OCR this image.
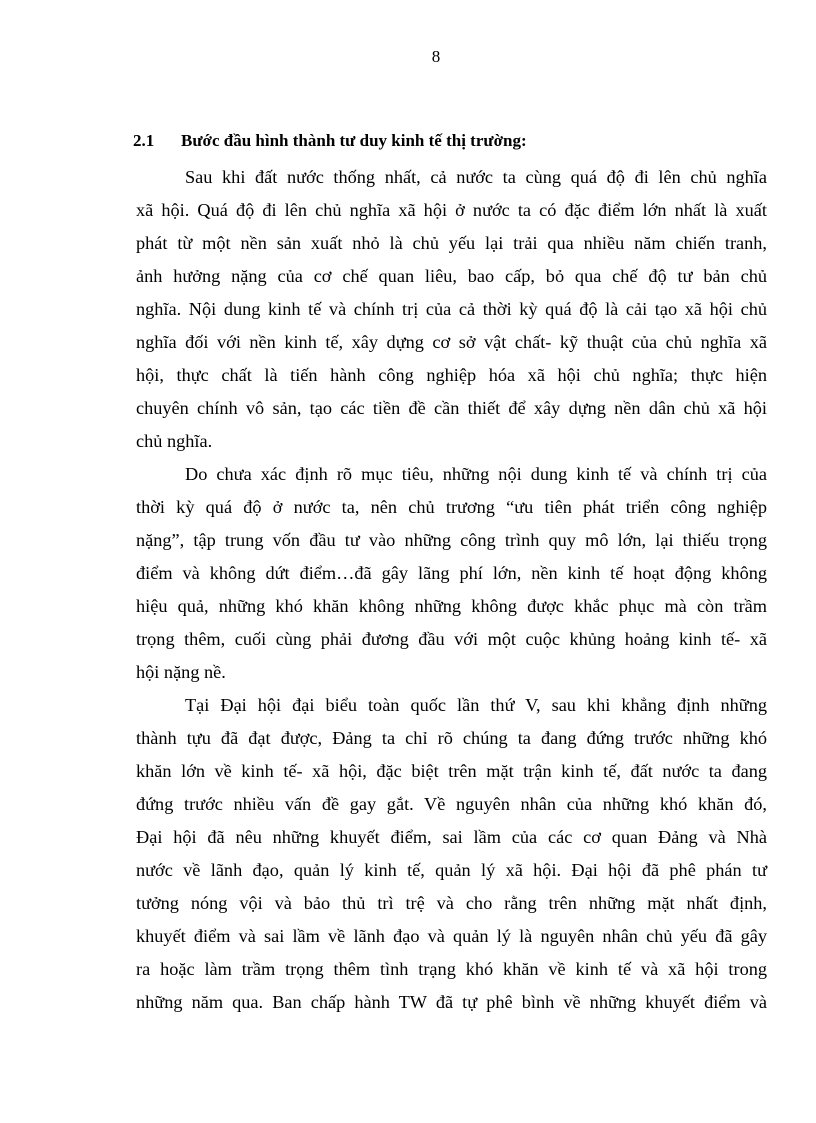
8
2.1 Bước đầu hình thành tư duy kinh tế thị trường:
Sau khi đất nước thống nhất, cả nước ta cùng quá độ đi lên chủ nghĩa
xã hội. Quá độ đi lên chủ nghĩa xã hội ở nước ta có đặc điểm lớn nhất là xuất
phát từ một nền sản xuất nhỏ là chủ yếu lại trải qua nhiều năm chiến tranh,
ảnh hưởng nặng của cơ chế quan liêu, bao cấp, bỏ qua chế độ tư bản chủ
nghĩa. Nội dung kinh tế và chính trị của cả thời kỳ quá độ là cải tạo xã hội chủ
nghĩa đối với nền kinh tế, xây dựng cơ sở vật chất- kỹ thuật của chủ nghĩa xã
hội, thực chất là tiến hành công nghiệp hóa xã hội chủ nghĩa; thực hiện
chuyên chính vô sản, tạo các tiền đề cần thiết để xây dựng nền dân chủ xã hội
chủ nghĩa.
Do chưa xác định rõ mục tiêu, những nội dung kinh tế và chính trị của
thời kỳ quá độ ở nước ta, nên chủ trương “ưu tiên phát triển công nghiệp
nặng”, tập trung vốn đầu tư vào những công trình quy mô lớn, lại thiếu trọng
điểm và không dứt điểm…đã gây lãng phí lớn, nền kinh tế hoạt động không
hiệu quả, những khó khăn không những không được khắc phục mà còn trầm
trọng thêm, cuối cùng phải đương đầu với một cuộc khủng hoảng kinh tế- xã
hội nặng nề.
Tại Đại hội đại biểu toàn quốc lần thứ V, sau khi khẳng định những
thành tựu đã đạt được, Đảng ta chỉ rõ chúng ta đang đứng trước những khó
khăn lớn về kinh tế- xã hội, đặc biệt trên mặt trận kinh tế, đất nước ta đang
đứng trước nhiều vấn đề gay gắt. Về nguyên nhân của những khó khăn đó,
Đại hội đã nêu những khuyết điểm, sai lầm của các cơ quan Đảng và Nhà
nước về lãnh đạo, quản lý kinh tế, quản lý xã hội. Đại hội đã phê phán tư
tưởng nóng vội và bảo thủ trì trệ và cho rằng trên những mặt nhất định,
khuyết điểm và sai lầm về lãnh đạo và quản lý là nguyên nhân chủ yếu đã gây
ra hoặc làm trầm trọng thêm tình trạng khó khăn về kinh tế và xã hội trong
những năm qua. Ban chấp hành TW đã tự phê bình về những khuyết điểm và
